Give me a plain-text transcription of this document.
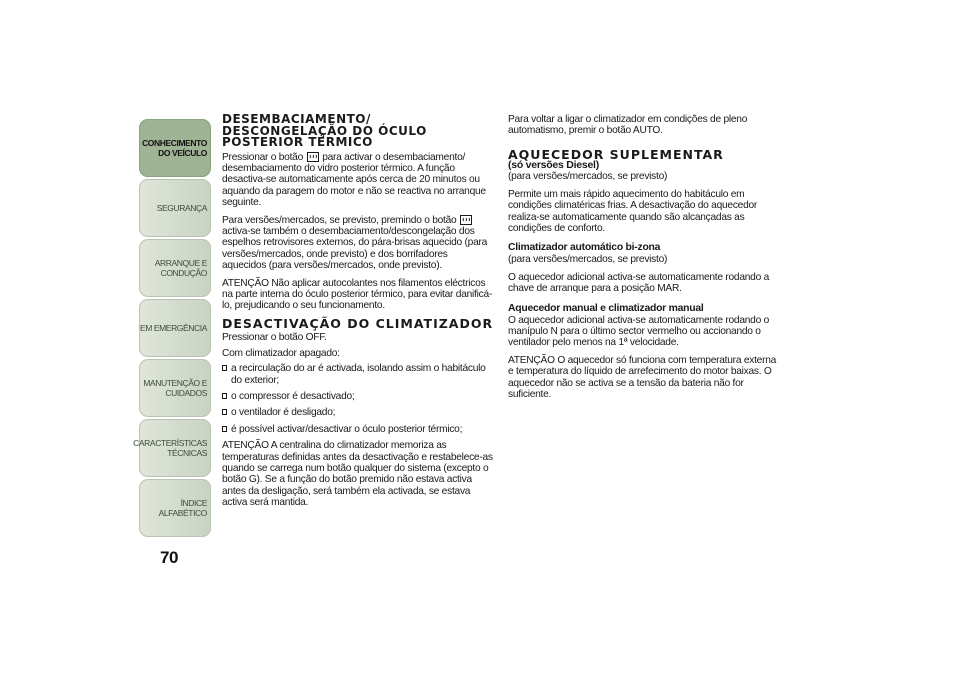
CONHECIMENTO
DO VEÍCULO
SEGURANÇA
ARRANQUE E
CONDUÇÃO
EM EMERGÊNCIA
MANUTENÇÃO E
CUIDADOS
CARACTERÍSTICAS
TÉCNICAS
ÍNDICE ALFABÉTICO
70
DESEMBACIAMENTO/
DESCONGELAÇÃO DO ÓCULO
POSTERIOR TÉRMICO

Pressionar o botão para activar o desembaciamento/ desembaciamento do vidro posterior térmico. A função desactiva-se automaticamente após cerca de 20 minutos ou aquando da paragem do motor e não se reactiva no arranque seguinte.

Para versões/mercados, se previsto, premindo o botão  activa-se também o desembaciamento/descongelação dos espelhos retrovisores externos, do pára-brisas aquecido (para versões/mercados, onde previsto) e dos borrifadores aquecidos (para versões/mercados, onde previsto).

ATENÇÃO Não aplicar autocolantes nos filamentos eléctricos na parte interna do óculo posterior térmico, para evitar danificá-lo, prejudicando o seu funcionamento.

DESACTIVAÇÃO DO CLIMATIZADOR

Pressionar o botão OFF.

Com climatizador apagado:

a recirculação do ar é activada, isolando assim o habitáculo do exterior;
o compressor é desactivado;
o ventilador é desligado;
é possível activar/desactivar o óculo posterior térmico;

ATENÇÃO A centralina do climatizador memoriza as temperaturas definidas antes da desactivação e restabelece-as quando se carrega num botão qualquer do sistema (excepto o botão G). Se a função do botão premido não estava activa antes da desligação, será também ela activada, se estava activa será mantida.

Para voltar a ligar o climatizador em condições de pleno automatismo, premir o botão AUTO.

AQUECEDOR SUPLEMENTAR
(só versões Diesel)

(para versões/mercados, se previsto)

Permite um mais rápido aquecimento do habitáculo em condições climatéricas frias. A desactivação do aquecedor realiza-se automaticamente quando são alcançadas as condições de conforto.

Climatizador automático bi-zona

(para versões/mercados, se previsto)

O aquecedor adicional activa-se automaticamente rodando a chave de arranque para a posição MAR.

Aquecedor manual e climatizador manual

O aquecedor adicional activa-se automaticamente rodando o manípulo N para o último sector vermelho ou accionando o ventilador pelo menos na 1ª velocidade.

ATENÇÃO O aquecedor só funciona com temperatura externa e temperatura do líquido de arrefecimento do motor baixas. O aquecedor não se activa se a tensão da bateria não for suficiente.
